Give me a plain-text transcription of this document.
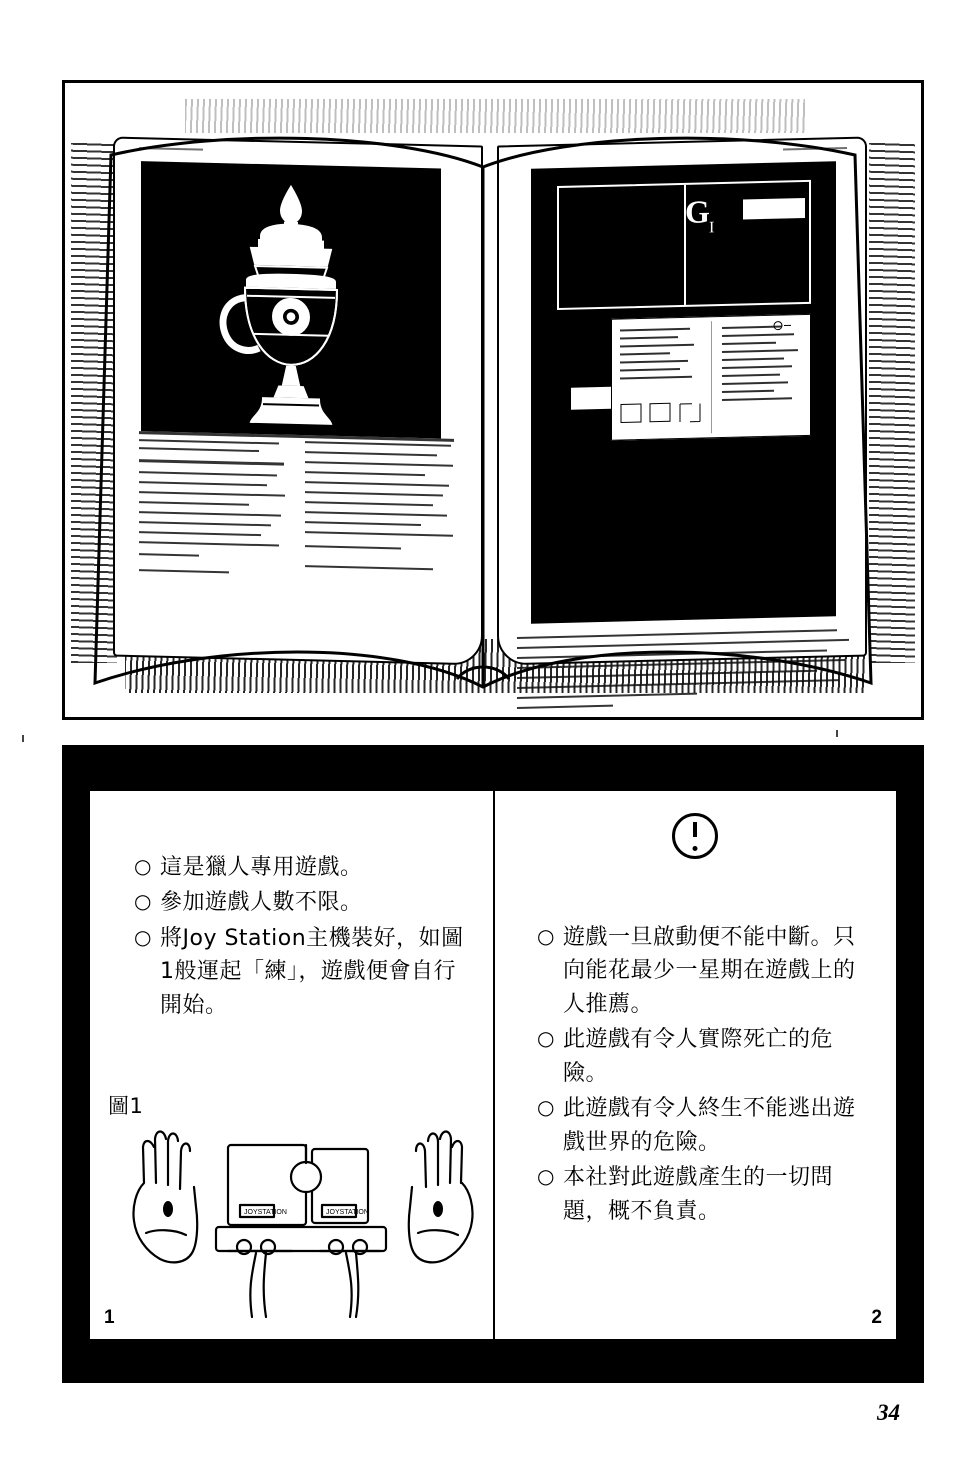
G I
○ 這是獵人專用遊戲。
○ 參加遊戲人數不限。
○ 將Joy Station主機裝好，如圖1般運起「練」，遊戲便會自行開始。
圖1
JOYSTATION	JOYSTATION
1
○ 遊戲一旦啟動便不能中斷。只向能花最少一星期在遊戲上的人推薦。
○ 此遊戲有令人實際死亡的危險。
○ 此遊戲有令人終生不能逃出遊戲世界的危險。
○ 本社對此遊戲產生的一切問題，概不負責。
2
34
